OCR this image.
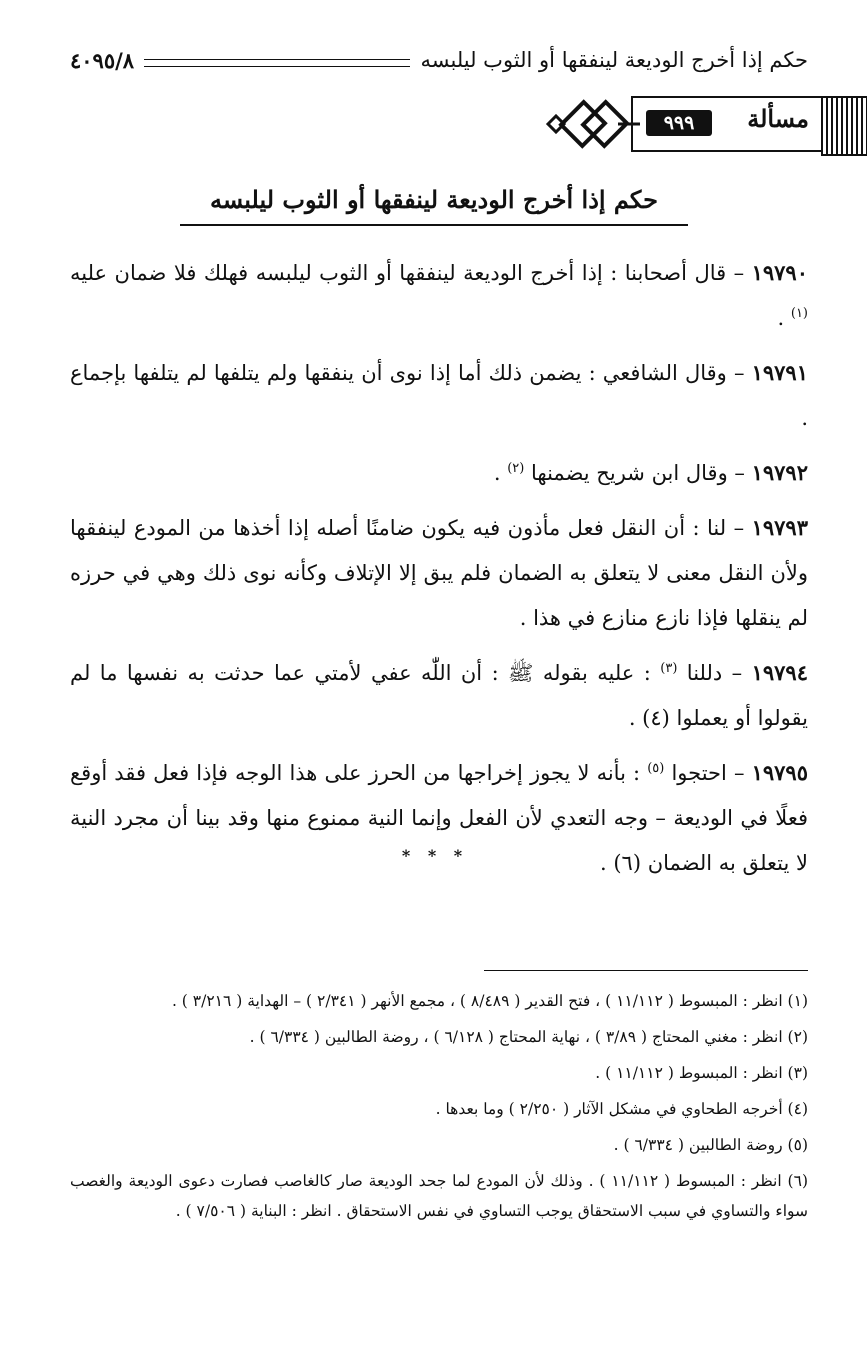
حكم إذا أخرج الوديعة لينفقها أو الثوب ليلبسه
٤٠٩٥/٨
مسألة
٩٩٩
حكم إذا أخرج الوديعة لينفقها أو الثوب ليلبسه

١٩٧٩٠ – قال أصحابنا : إذا أخرج الوديعة لينفقها أو الثوب ليلبسه فهلك فلا ضمان عليه $^{(١)}$ .

١٩٧٩١ – وقال الشافعي : يضمن ذلك أما إذا نوى أن ينفقها ولم يتلفها لم يتلفها بإجماع .

١٩٧٩٢ – وقال ابن شريح يضمنها $^{(٢)}$ .

١٩٧٩٣ – لنا : أن النقل فعل مأذون فيه يكون ضامنًا أصله إذا أخذها من المودع لينفقها ولأن النقل معنى لا يتعلق به الضمان فلم يبق إلا الإتلاف وكأنه نوى ذلك وهي في حرزه لم ينقلها فإذا نازع منازع في هذا .

١٩٧٩٤ – دللنا $^{(٣)}$ : عليه بقوله ﷺ : أن اللّٰه عفي لأمتي عما حدثت به نفسها ما لم يقولوا أو يعملوا (٤) .

١٩٧٩٥ – احتجوا $^{(٥)}$ : بأنه لا يجوز إخراجها من الحرز على هذا الوجه فإذا فعل فقد أوقع فعلًا في الوديعة – وجه التعدي لأن الفعل وإنما النية ممنوع منها وقد بينا أن مجرد النية لا يتعلق به الضمان (٦) .

* * *

(١) انظر : المبسوط ( ١١/١١٢ ) ، فتح القدير ( ٨/٤٨٩ ) ، مجمع الأنهر ( ٢/٣٤١ ) – الهداية ( ٣/٢١٦ ) .

(٢) انظر : مغني المحتاج ( ٣/٨٩ ) ، نهاية المحتاج ( ٦/١٢٨ ) ، روضة الطالبين ( ٦/٣٣٤ ) .

(٣) انظر : المبسوط ( ١١/١١٢ ) .

(٤) أخرجه الطحاوي في مشكل الآثار ( ٢/٢٥٠ ) وما بعدها .

(٥) روضة الطالبين ( ٦/٣٣٤ ) .

(٦) انظر : المبسوط ( ١١/١١٢ ) . وذلك لأن المودع لما جحد الوديعة صار كالغاصب فصارت دعوى الوديعة والغصب سواء والتساوي في سبب الاستحقاق يوجب التساوي في نفس الاستحقاق . انظر : البناية ( ٧/٥٠٦ ) .
